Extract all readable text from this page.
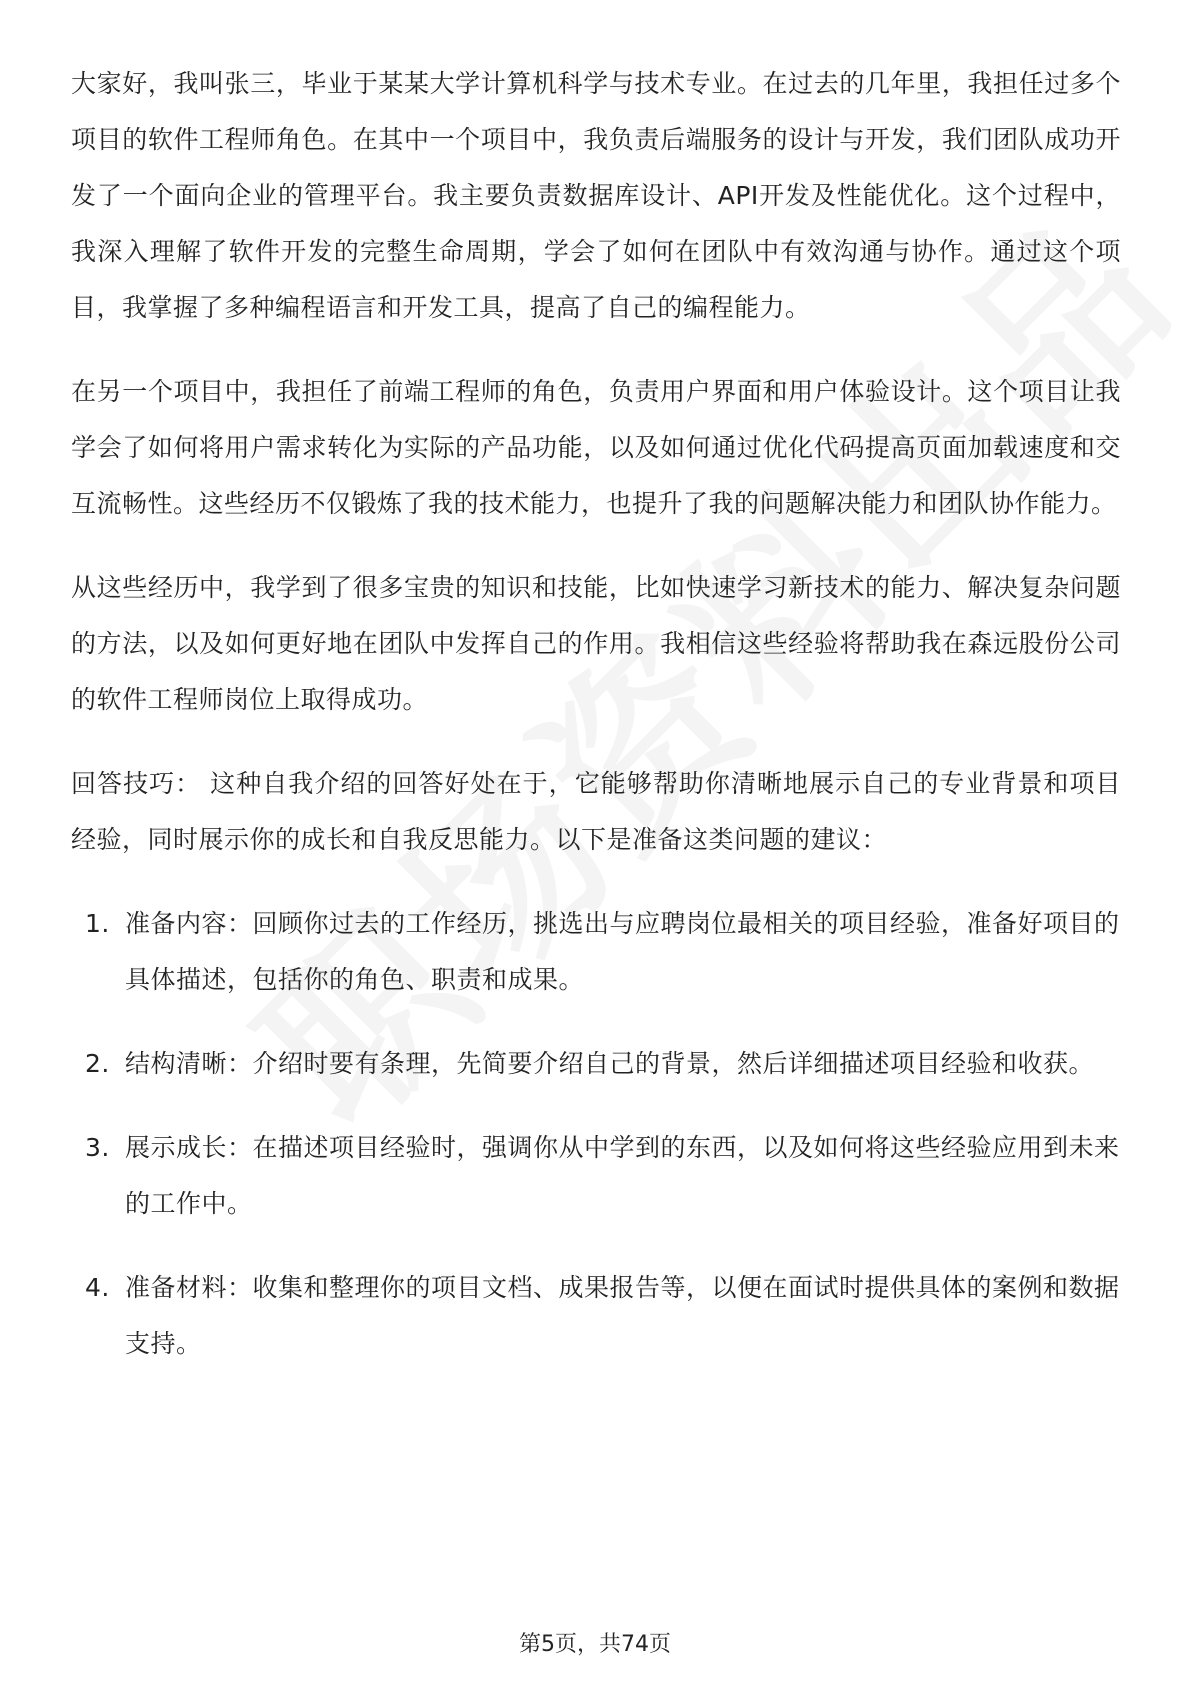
大家好，我叫张三，毕业于某某大学计算机科学与技术专业。在过去的几年里，我担任过多个项目的软件工程师角色。在其中一个项目中，我负责后端服务的设计与开发，我们团队成功开发了一个面向企业的管理平台。我主要负责数据库设计、API开发及性能优化。这个过程中，我深入理解了软件开发的完整生命周期，学会了如何在团队中有效沟通与协作。通过这个项目，我掌握了多种编程语言和开发工具，提高了自己的编程能力。

在另一个项目中，我担任了前端工程师的角色，负责用户界面和用户体验设计。这个项目让我学会了如何将用户需求转化为实际的产品功能，以及如何通过优化代码提高页面加载速度和交互流畅性。这些经历不仅锻炼了我的技术能力，也提升了我的问题解决能力和团队协作能力。

从这些经历中，我学到了很多宝贵的知识和技能，比如快速学习新技术的能力、解决复杂问题的方法，以及如何更好地在团队中发挥自己的作用。我相信这些经验将帮助我在森远股份公司的软件工程师岗位上取得成功。

回答技巧： 这种自我介绍的回答好处在于，它能够帮助你清晰地展示自己的专业背景和项目经验，同时展示你的成长和自我反思能力。以下是准备这类问题的建议：

1. 准备内容：回顾你过去的工作经历，挑选出与应聘岗位最相关的项目经验，准备好项目的具体描述，包括你的角色、职责和成果。
2. 结构清晰：介绍时要有条理，先简要介绍自己的背景，然后详细描述项目经验和收获。
3. 展示成长：在描述项目经验时，强调你从中学到的东西，以及如何将这些经验应用到未来的工作中。
4. 准备材料：收集和整理你的项目文档、成果报告等，以便在面试时提供具体的案例和数据支持。
第5页，共74页
